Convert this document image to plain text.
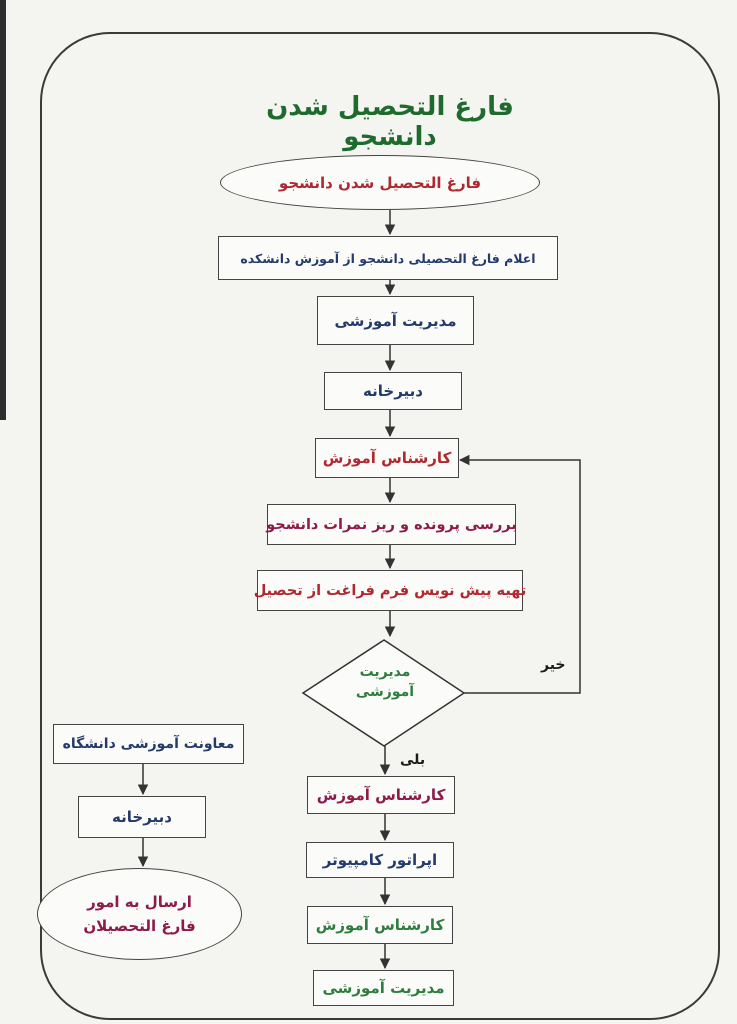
فارغ التحصیل شدن دانشجو
فارغ التحصیل شدن دانشجو
اعلام فارغ التحصیلی دانشجو از آموزش دانشکده
مدیریت آموزشی
دبیرخانه
کارشناس آموزش
بررسی پرونده و ریز نمرات دانشجو
تهیه پیش نویس فرم فراغت از تحصیل
مدیریت
آموزشی
خیر
بلی
کارشناس آموزش
اپراتور کامپیوتر
کارشناس آموزش
مدیریت آموزشی
معاونت آموزشی دانشگاه
دبیرخانه
ارسال به امور
فارغ التحصیلان
